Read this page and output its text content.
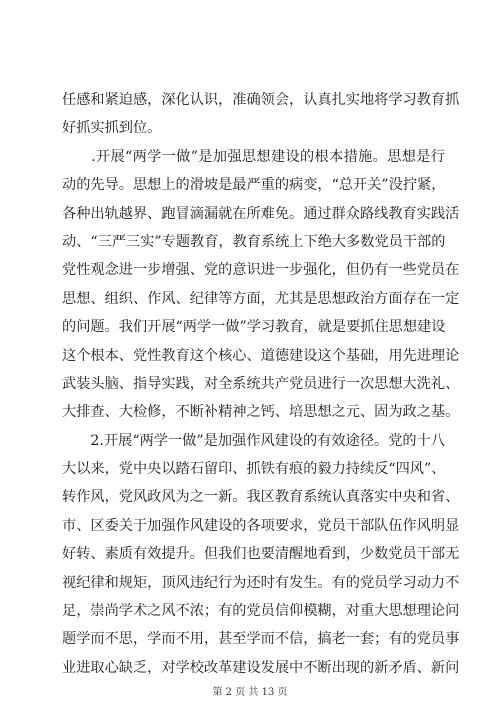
任感和紧迫感，深化认识，准确领会，认真扎实地将学习教育抓
好抓实抓到位。
　　.开展“两学一做”是加强思想建设的根本措施。思想是行
动的先导。思想上的滑坡是最严重的病变，“总开关”没拧紧，
各种出轨越界、跑冒滴漏就在所难免。通过群众路线教育实践活
动、“三严三实”专题教育，教育系统上下绝大多数党员干部的
党性观念进一步增强、党的意识进一步强化，但仍有一些党员在
思想、组织、作风、纪律等方面，尤其是思想政治方面存在一定
的问题。我们开展“两学一做”学习教育，就是要抓住思想建设
这个根本、党性教育这个核心、道德建设这个基础，用先进理论
武装头脑、指导实践，对全系统共产党员进行一次思想大洗礼、
大排查、大检修，不断补精神之钙、培思想之元、固为政之基。
　　2.开展“两学一做”是加强作风建设的有效途径。党的十八
大以来，党中央以踏石留印、抓铁有痕的毅力持续反“四风”、
转作风，党风政风为之一新。我区教育系统认真落实中央和省、
市、区委关于加强作风建设的各项要求，党员干部队伍作风明显
好转、素质有效提升。但我们也要清醒地看到，少数党员干部无
视纪律和规矩，顶风违纪行为还时有发生。有的党员学习动力不
足，崇尚学术之风不浓；有的党员信仰模糊，对重大思想理论问
题学而不思，学而不用，甚至学而不信，搞老一套；有的党员事
业进取心缺乏，对学校改革建设发展中不断出现的新矛盾、新问
第 2 页 共 13 页
